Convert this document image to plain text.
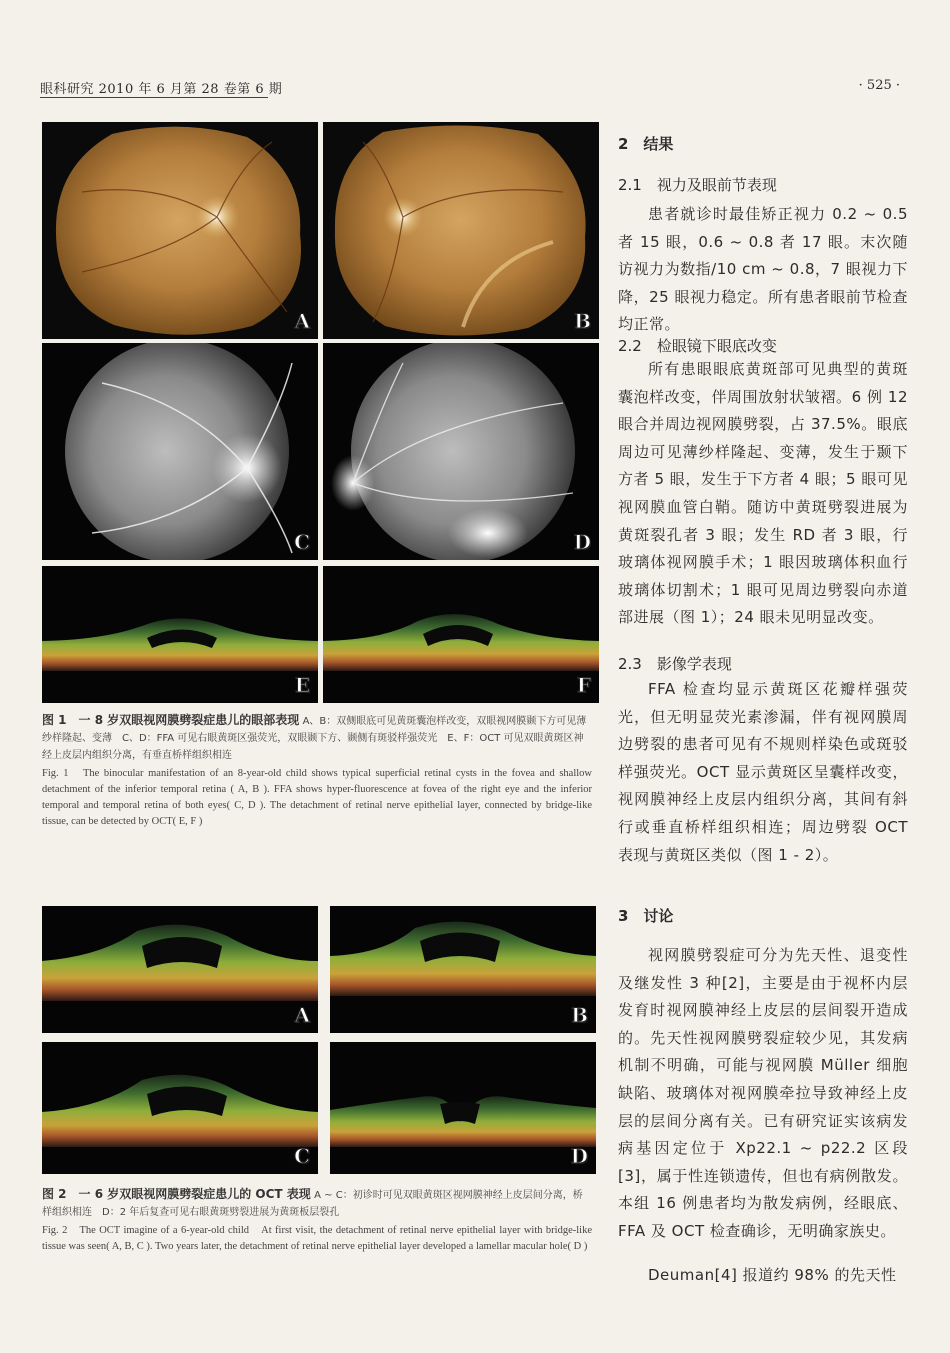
眼科研究 2010 年 6 月第 28 卷第 6 期	· 525 ·
A	B
C	D
E	F
图 1　一 8 岁双眼视网膜劈裂症患儿的眼部表现 A、B：双侧眼底可见黄斑囊泡样改变，双眼视网膜颞下方可见薄纱样隆起、变薄　C、D：FFA 可见右眼黄斑区强荧光，双眼颞下方、颞侧有斑驳样强荧光　E、F：OCT 可见双眼黄斑区神经上皮层内组织分离，有垂直桥样组织相连
Fig. 1　The binocular manifestation of an 8-year-old child shows typical superficial retinal cysts in the fovea and shallow detachment of the inferior temporal retina ( A, B ). FFA shows hyper-fluorescence at fovea of the right eye and the inferior temporal and temporal retina of both eyes( C, D ). The detachment of retinal nerve epithelial layer, connected by bridge-like tissue, can be detected by OCT( E, F )
A	B
C	D
图 2　一 6 岁双眼视网膜劈裂症患儿的 OCT 表现 A ~ C：初诊时可见双眼黄斑区视网膜神经上皮层间分离，桥样组织相连　D：2 年后复查可见右眼黄斑劈裂进展为黄斑板层裂孔
Fig. 2　The OCT imagine of a 6-year-old child　At first visit, the detachment of retinal nerve epithelial layer with bridge-like tissue was seen( A, B, C ). Two years later, the detachment of retinal nerve epithelial layer developed a lamellar macular hole( D )
2　结果
2.1　视力及眼前节表现
患者就诊时最佳矫正视力 0.2 ~ 0.5 者 15 眼，0.6 ~ 0.8 者 17 眼。末次随访视力为数指/10 cm ~ 0.8，7 眼视力下降，25 眼视力稳定。所有患者眼前节检查均正常。
2.2　检眼镜下眼底改变
所有患眼眼底黄斑部可见典型的黄斑囊泡样改变，伴周围放射状皱褶。6 例 12 眼合并周边视网膜劈裂，占 37.5%。眼底周边可见薄纱样隆起、变薄，发生于颞下方者 5 眼，发生于下方者 4 眼；5 眼可见视网膜血管白鞘。随访中黄斑劈裂进展为黄斑裂孔者 3 眼；发生 RD 者 3 眼，行玻璃体视网膜手术；1 眼因玻璃体积血行玻璃体切割术；1 眼可见周边劈裂向赤道部进展（图 1）；24 眼未见明显改变。
2.3　影像学表现
FFA 检查均显示黄斑区花瓣样强荧光，但无明显荧光素渗漏，伴有视网膜周边劈裂的患者可见有不规则样染色或斑驳样强荧光。OCT 显示黄斑区呈囊样改变，视网膜神经上皮层内组织分离，其间有斜行或垂直桥样组织相连；周边劈裂 OCT 表现与黄斑区类似（图 1 - 2）。
3　讨论
视网膜劈裂症可分为先天性、退变性及继发性 3 种[2]，主要是由于视杯内层发育时视网膜神经上皮层的层间裂开造成的。先天性视网膜劈裂症较少见，其发病机制不明确，可能与视网膜 Müller 细胞缺陷、玻璃体对视网膜牵拉导致神经上皮层的层间分离有关。已有研究证实该病发病基因定位于 Xp22.1 ~ p22.2 区段[3]，属于性连锁遗传，但也有病例散发。本组 16 例患者均为散发病例，经眼底、FFA 及 OCT 检查确诊，无明确家族史。
Deuman[4] 报道约 98% 的先天性
